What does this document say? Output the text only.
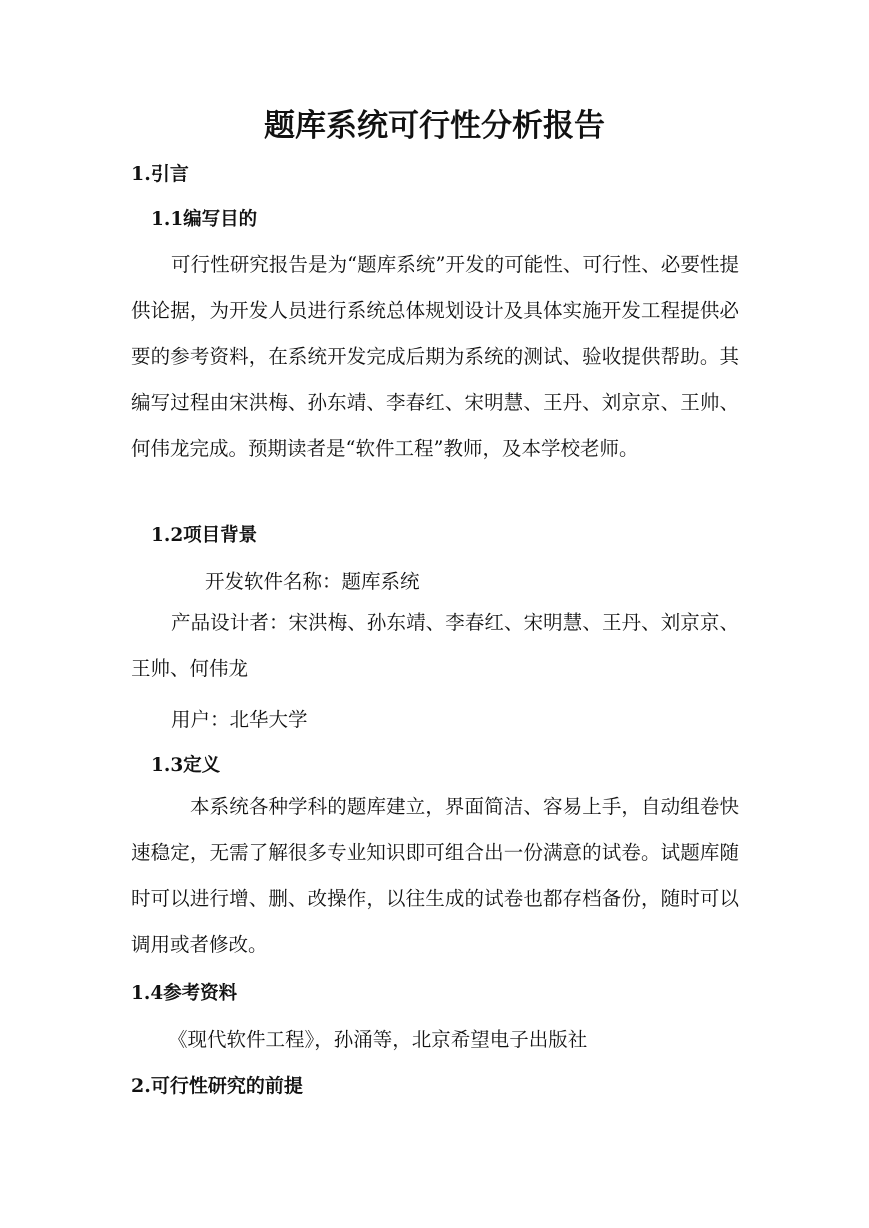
题库系统可行性分析报告
1.引言
1.1编写目的

可行性研究报告是为“题库系统”开发的可能性、可行性、必要性提供论据，为开发人员进行系统总体规划设计及具体实施开发工程提供必要的参考资料，在系统开发完成后期为系统的测试、验收提供帮助。其编写过程由宋洪梅、孙东靖、李春红、宋明慧、王丹、刘京京、王帅、何伟龙完成。预期读者是“软件工程”教师，及本学校老师。

1.2项目背景

开发软件名称：题库系统

产品设计者：宋洪梅、孙东靖、李春红、宋明慧、王丹、刘京京、王帅、何伟龙

用户：北华大学

1.3定义

本系统各种学科的题库建立，界面简洁、容易上手，自动组卷快速稳定，无需了解很多专业知识即可组合出一份满意的试卷。试题库随时可以进行增、删、改操作，以往生成的试卷也都存档备份，随时可以调用或者修改。

1.4参考资料

《现代软件工程》，孙涌等，北京希望电子出版社

2.可行性研究的前提
